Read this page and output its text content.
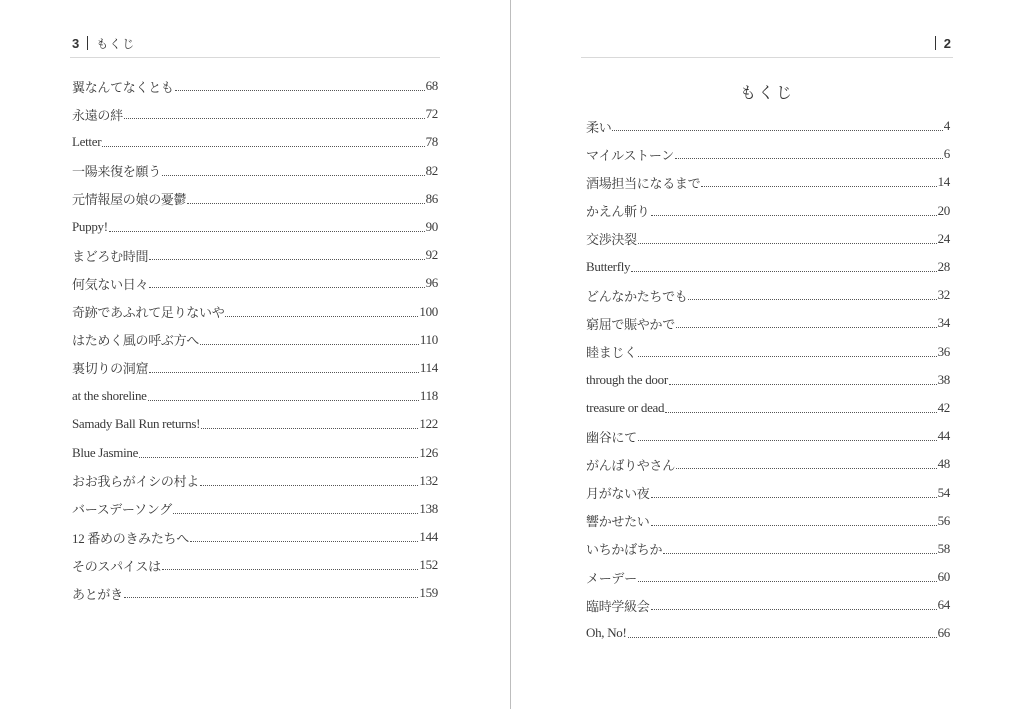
3 もくじ
翼なんてなくとも	68
永遠の絆	72
Letter	78
一陽来復を願う	82
元情報屋の娘の憂鬱	86
Puppy!	90
まどろむ時間	92
何気ない日々	96
奇跡であふれて足りないや	100
はためく風の呼ぶ方へ	110
裏切りの洞窟	114
at the shoreline	118
Samady Ball Run returns!	122
Blue Jasmine	126
おお我らがイシの村よ	132
バースデーソング	138
12 番めのきみたちへ	144
そのスパイスは	152
あとがき	159
2
もくじ
柔い	4
マイルストーン	6
酒場担当になるまで	14
かえん斬り	20
交渉決裂	24
Butterfly	28
どんなかたちでも	32
窮屈で賑やかで	34
睦まじく	36
through the door	38
treasure or dead	42
幽谷にて	44
がんばりやさん	48
月がない夜	54
響かせたい	56
いちかばちか	58
メーデー	60
臨時学級会	64
Oh, No!	66
